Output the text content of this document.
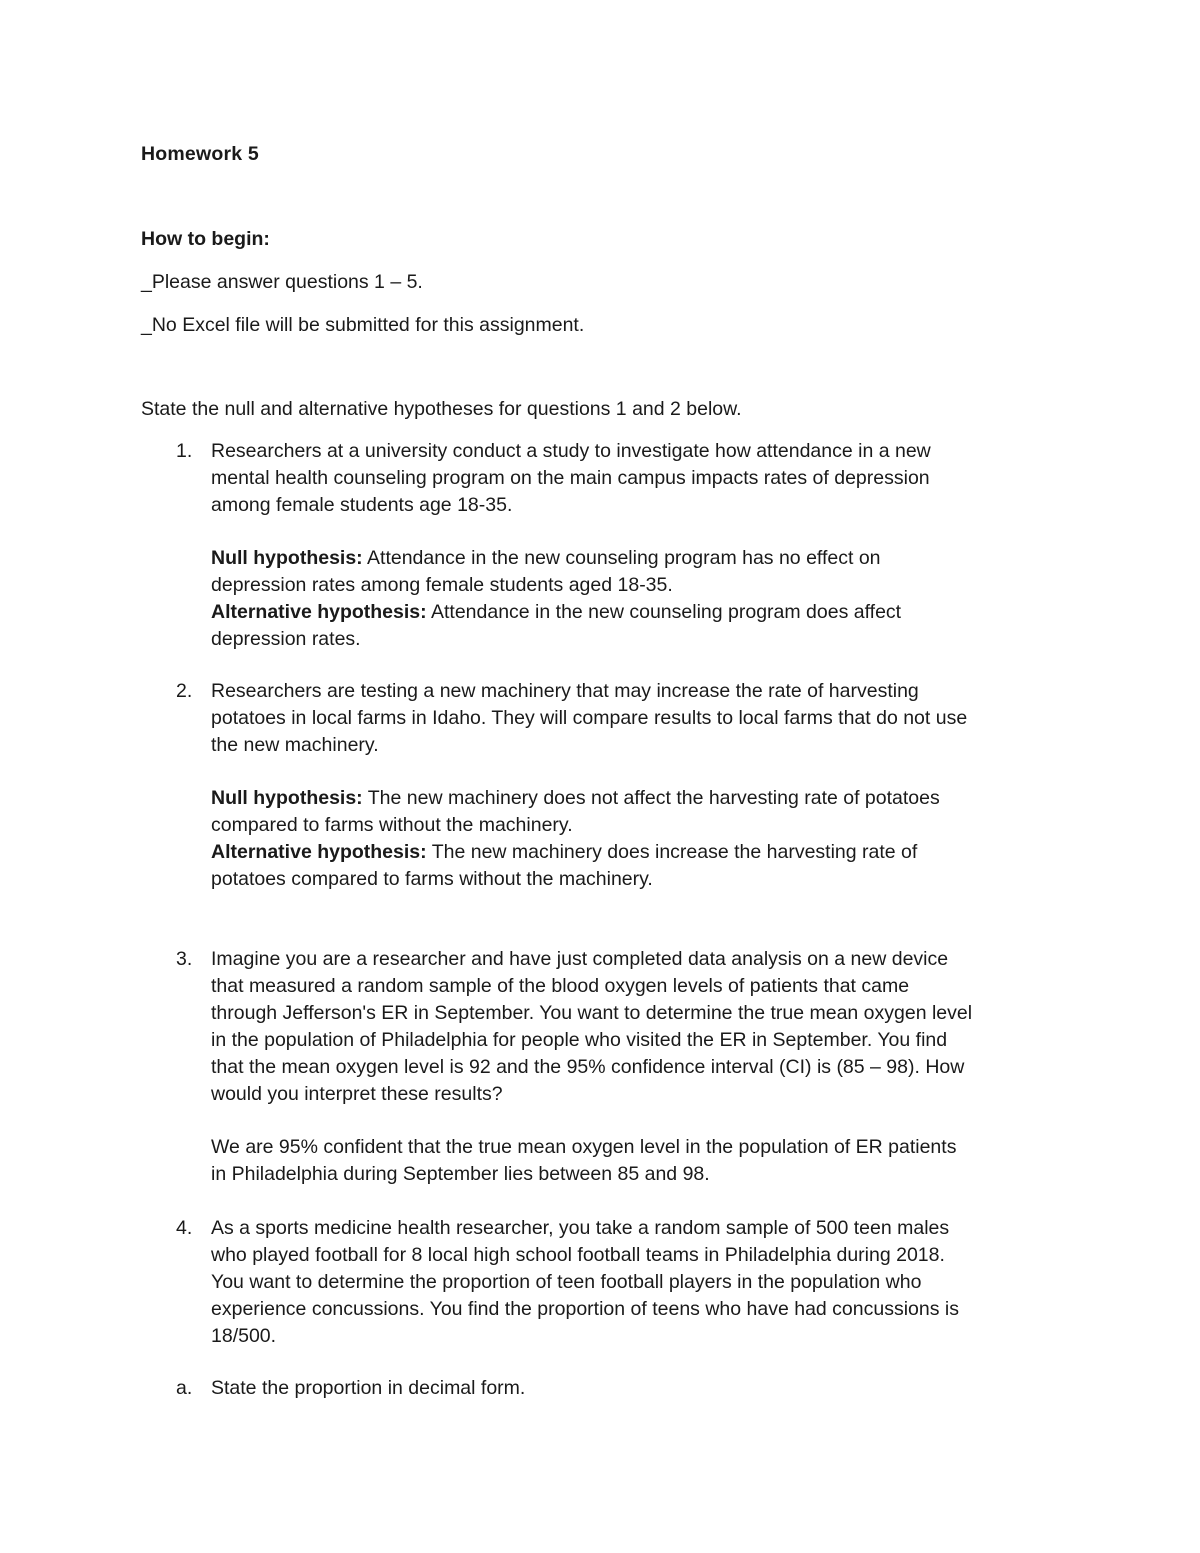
Homework 5
How to begin:
_Please answer questions 1 – 5.
_No Excel file will be submitted for this assignment.
State the null and alternative hypotheses for questions 1 and 2 below.
1. Researchers at a university conduct a study to investigate how attendance in a new
mental health counseling program on the main campus impacts rates of depression
among female students age 18-35.
Null hypothesis: Attendance in the new counseling program has no effect on
depression rates among female students aged 18-35.
Alternative hypothesis: Attendance in the new counseling program does affect
depression rates.
2. Researchers are testing a new machinery that may increase the rate of harvesting
potatoes in local farms in Idaho. They will compare results to local farms that do not use
the new machinery.
Null hypothesis: The new machinery does not affect the harvesting rate of potatoes
compared to farms without the machinery.
Alternative hypothesis: The new machinery does increase the harvesting rate of
potatoes compared to farms without the machinery.
3. Imagine you are a researcher and have just completed data analysis on a new device
that measured a random sample of the blood oxygen levels of patients that came
through Jefferson's ER in September. You want to determine the true mean oxygen level
in the population of Philadelphia for people who visited the ER in September. You find
that the mean oxygen level is 92 and the 95% confidence interval (CI) is (85 – 98). How
would you interpret these results?
We are 95% confident that the true mean oxygen level in the population of ER patients
in Philadelphia during September lies between 85 and 98.
4. As a sports medicine health researcher, you take a random sample of 500 teen males
who played football for 8 local high school football teams in Philadelphia during 2018.
You want to determine the proportion of teen football players in the population who
experience concussions. You find the proportion of teens who have had concussions is
18/500.
a. State the proportion in decimal form.
